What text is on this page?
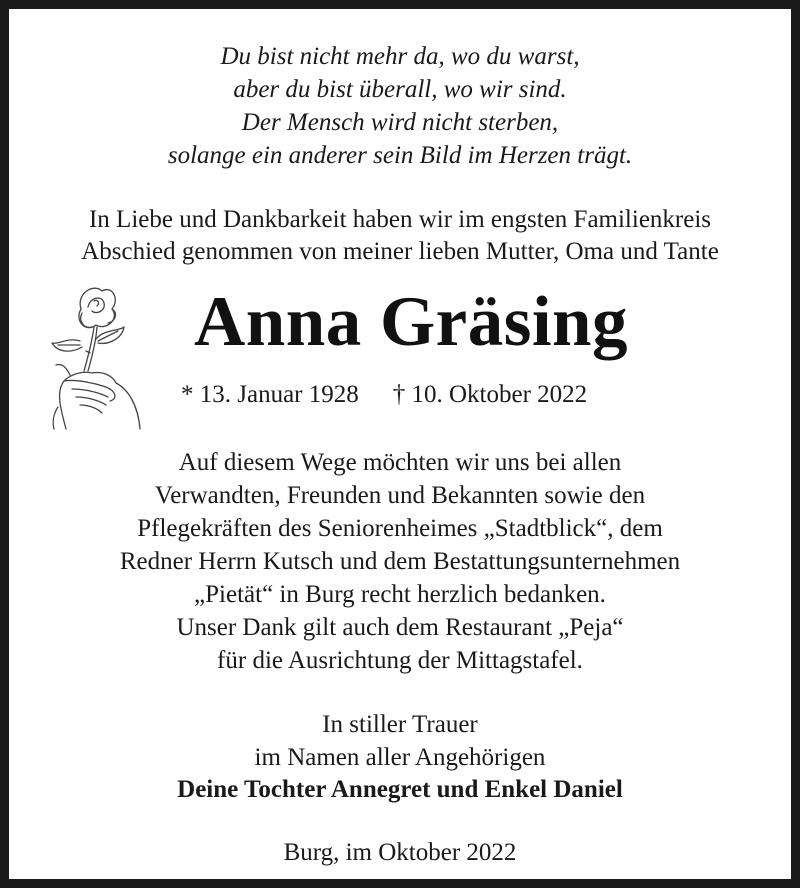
Du bist nicht mehr da, wo du warst,
aber du bist überall, wo wir sind.
Der Mensch wird nicht sterben,
solange ein anderer sein Bild im Herzen trägt.
In Liebe und Dankbarkeit haben wir im engsten Familienkreis
Abschied genommen von meiner lieben Mutter, Oma und Tante
Anna Gräsing
* 13. Januar 1928 † 10. Oktober 2022
Auf diesem Wege möchten wir uns bei allen
Verwandten, Freunden und Bekannten sowie den
Pflegekräften des Seniorenheimes „Stadtblick“, dem
Redner Herrn Kutsch und dem Bestattungsunternehmen
„Pietät“ in Burg recht herzlich bedanken.
Unser Dank gilt auch dem Restaurant „Peja“
für die Ausrichtung der Mittagstafel.
In stiller Trauer
im Namen aller Angehörigen
Deine Tochter Annegret und Enkel Daniel
Burg, im Oktober 2022
